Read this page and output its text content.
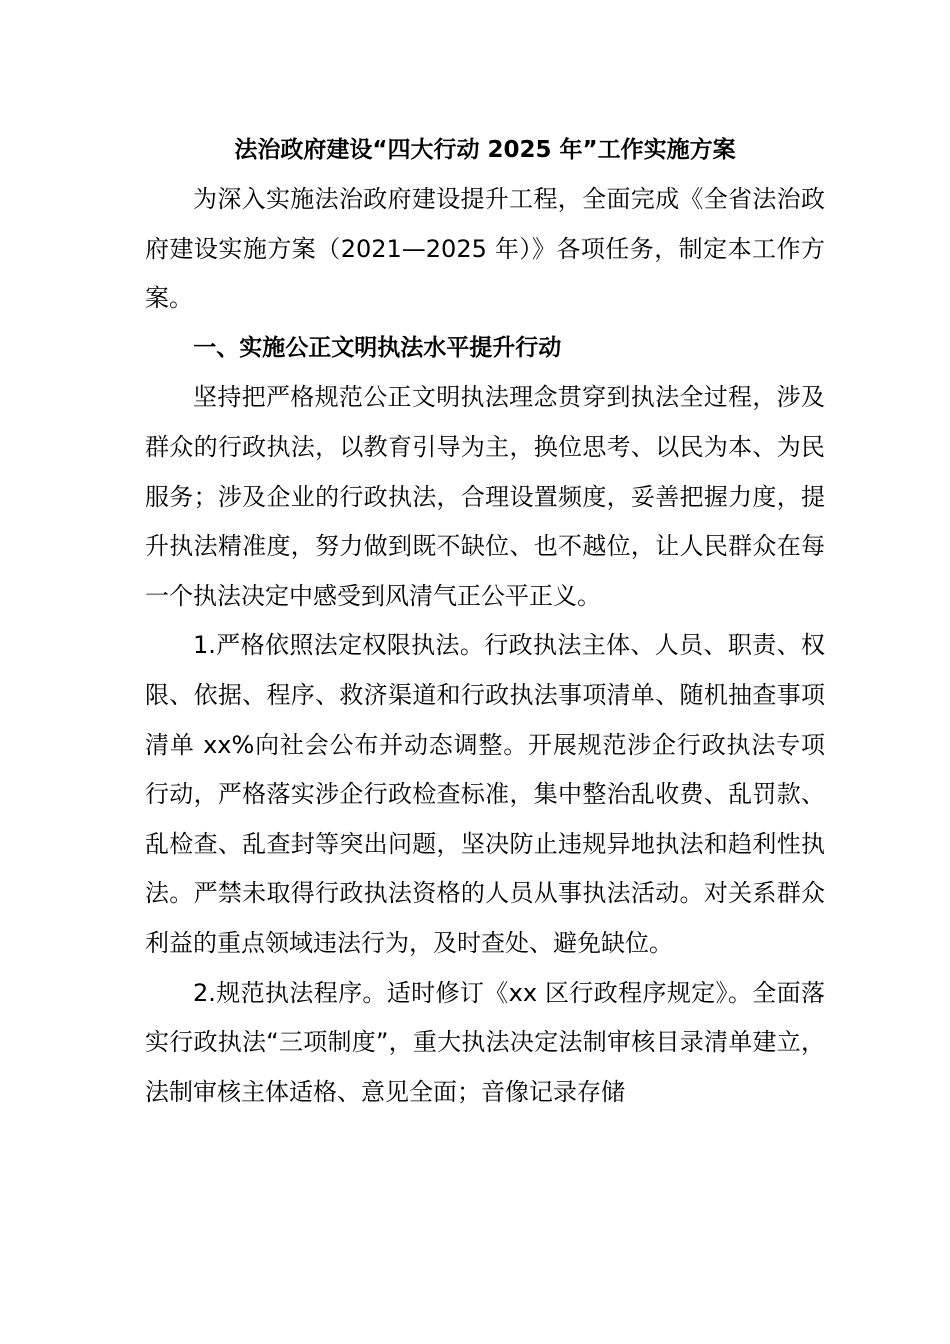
法治政府建设“四大行动 2025 年”工作实施方案

为深入实施法治政府建设提升工程，全面完成《全省法治政府建设实施方案（2021—2025 年）》各项任务，制定本工作方案。

一、实施公正文明执法水平提升行动

坚持把严格规范公正文明执法理念贯穿到执法全过程，涉及群众的行政执法，以教育引导为主，换位思考、以民为本、为民服务；涉及企业的行政执法，合理设置频度，妥善把握力度，提升执法精准度，努力做到既不缺位、也不越位，让人民群众在每一个执法决定中感受到风清气正公平正义。

1.严格依照法定权限执法。行政执法主体、人员、职责、权限、依据、程序、救济渠道和行政执法事项清单、随机抽查事项清单 xx%向社会公布并动态调整。开展规范涉企行政执法专项行动，严格落实涉企行政检查标准，集中整治乱收费、乱罚款、乱检查、乱查封等突出问题，坚决防止违规异地执法和趋利性执法。严禁未取得行政执法资格的人员从事执法活动。对关系群众利益的重点领域违法行为，及时查处、避免缺位。

2.规范执法程序。适时修订《xx 区行政程序规定》。全面落实行政执法“三项制度”，重大执法决定法制审核目录清单建立，法制审核主体适格、意见全面；音像记录存储
